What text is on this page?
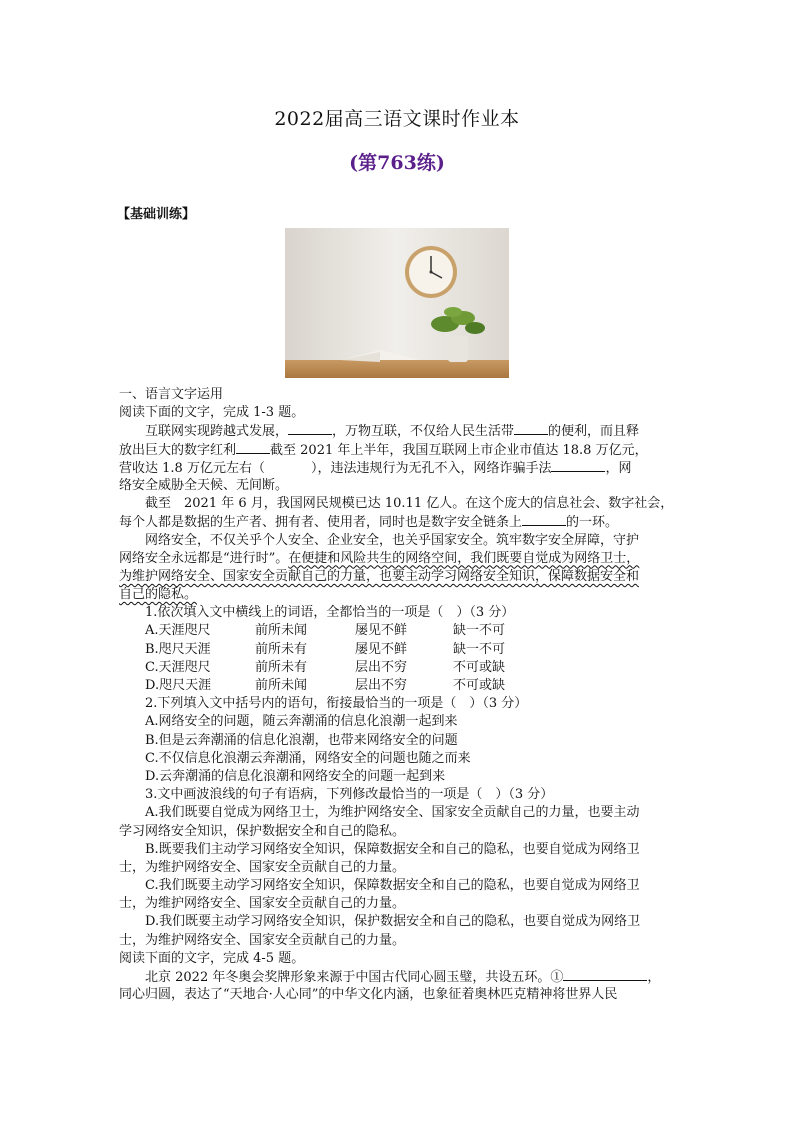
2022届高三语文课时作业本
(第763练)
【基础训练】
一、语言文字运用
阅读下面的文字，完成 1-3 题。
互联网实现跨越式发展，	，万物互联，不仅给人民生活带	的便利，而且释
放出巨大的数字红利	截至 2021 年上半年，我国互联网上市企业市值达 18.8 万亿元，
营收达 1.8 万亿元左右（	），违法违规行为无孔不入，网络诈骗手法	，网
络安全威胁全天候、无间断。
截至　2021 年 6 月，我国网民规模已达 10.11 亿人。在这个庞大的信息社会、数字社会，
每个人都是数据的生产者、拥有者、使用者，同时也是数字安全链条上	的一环。
网络安全，不仅关乎个人安全、企业安全，也关乎国家安全。筑牢数字安全屏障，守护
网络安全永远都是“进行时”。在便捷和风险共生的网络空间，我们既要自觉成为网络卫士，
为维护网络安全、国家安全贡献自己的力量，也要主动学习网络安全知识，保障数据安全和
自己的隐私。
1.依次填入文中横线上的词语，全都恰当的一项是（　）（3 分）
A.天涯咫尺	前所未闻	屡见不鲜	缺一不可
B.咫尺天涯	前所未有	屡见不鲜	缺一不可
C.天涯咫尺	前所未有	层出不穷	不可或缺
D.咫尺天涯	前所未闻	层出不穷	不可或缺
2.下列填入文中括号内的语句，衔接最恰当的一项是（　）（3 分）
A.网络安全的问题，随云奔潮涌的信息化浪潮一起到来
B.但是云奔潮涌的信息化浪潮，也带来网络安全的问题
C.不仅信息化浪潮云奔潮涌，网络安全的问题也随之而来
D.云奔潮涌的信息化浪潮和网络安全的问题一起到来
3.文中画波浪线的句子有语病，下列修改最恰当的一项是（　）（3 分）
A.我们既要自觉成为网络卫士，为维护网络安全、国家安全贡献自己的力量，也要主动
学习网络安全知识，保护数据安全和自己的隐私。
B.既要我们主动学习网络安全知识，保障数据安全和自己的隐私，也要自觉成为网络卫
士，为维护网络安全、国家安全贡献自己的力量。
C.我们既要主动学习网络安全知识，保障数据安全和自己的隐私，也要自觉成为网络卫
士，为维护网络安全、国家安全贡献自己的力量。
D.我们既要主动学习网络安全知识，保护数据安全和自己的隐私，也要自觉成为网络卫
士，为维护网络安全、国家安全贡献自己的力量。
阅读下面的文字，完成 4-5 题。
北京 2022 年冬奥会奖牌形象来源于中国古代同心圆玉璧，共设五环。①	，
同心归圆，表达了“天地合·人心同”的中华文化内涵，也象征着奥林匹克精神将世界人民
